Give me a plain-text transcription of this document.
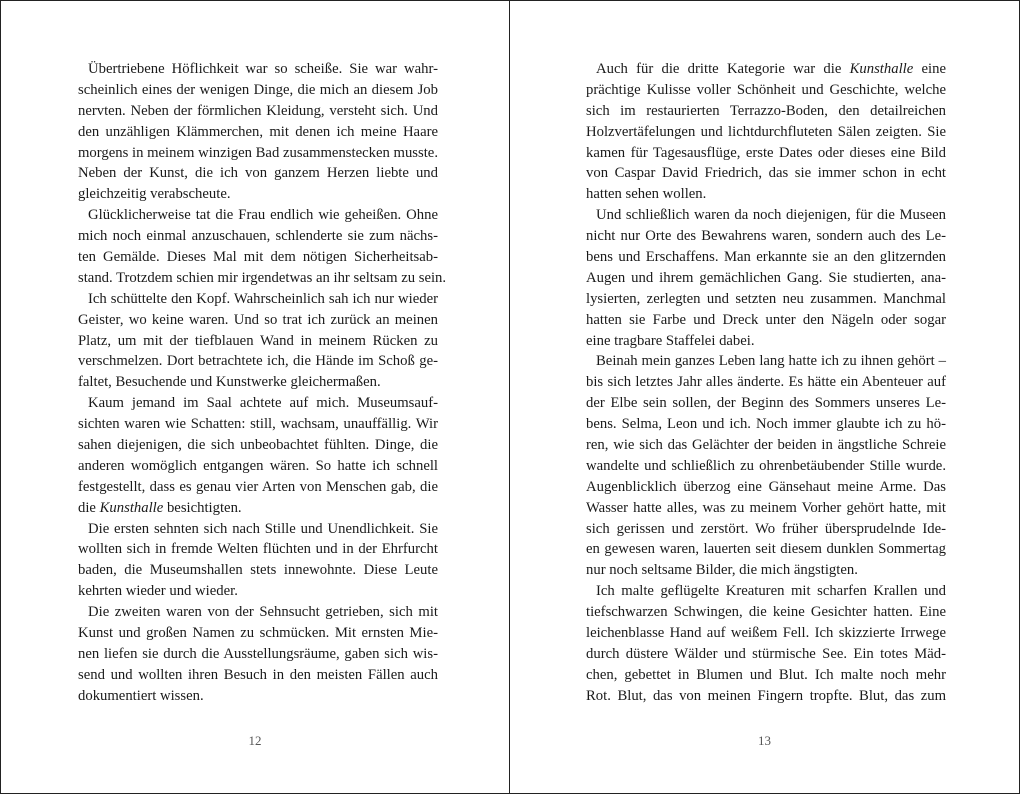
Übertriebene Höflichkeit war so scheiße. Sie war wahr-
scheinlich eines der wenigen Dinge, die mich an diesem Job
nervten. Neben der förmlichen Kleidung, versteht sich. Und
den unzähligen Klämmerchen, mit denen ich meine Haare
morgens in meinem winzigen Bad zusammenstecken musste.
Neben der Kunst, die ich von ganzem Herzen liebte und
gleichzeitig verabscheute.
Glücklicherweise tat die Frau endlich wie geheißen. Ohne
mich noch einmal anzuschauen, schlenderte sie zum nächs-
ten Gemälde. Dieses Mal mit dem nötigen Sicherheitsab-
stand. Trotzdem schien mir irgendetwas an ihr seltsam zu sein.
Ich schüttelte den Kopf. Wahrscheinlich sah ich nur wieder
Geister, wo keine waren. Und so trat ich zurück an meinen
Platz, um mit der tiefblauen Wand in meinem Rücken zu
verschmelzen. Dort betrachtete ich, die Hände im Schoß ge-
faltet, Besuchende und Kunstwerke gleichermaßen.
Kaum jemand im Saal achtete auf mich. Museumsauf-
sichten waren wie Schatten: still, wachsam, unauffällig. Wir
sahen diejenigen, die sich unbeobachtet fühlten. Dinge, die
anderen womöglich entgangen wären. So hatte ich schnell
festgestellt, dass es genau vier Arten von Menschen gab, die
die Kunsthalle besichtigten.
Die ersten sehnten sich nach Stille und Unendlichkeit. Sie
wollten sich in fremde Welten flüchten und in der Ehrfurcht
baden, die Museumshallen stets innewohnte. Diese Leute
kehrten wieder und wieder.
Die zweiten waren von der Sehnsucht getrieben, sich mit
Kunst und großen Namen zu schmücken. Mit ernsten Mie-
nen liefen sie durch die Ausstellungsräume, gaben sich wis-
send und wollten ihren Besuch in den meisten Fällen auch
dokumentiert wissen.
12
Auch für die dritte Kategorie war die Kunsthalle eine
prächtige Kulisse voller Schönheit und Geschichte, welche
sich im restaurierten Terrazzo-Boden, den detailreichen
Holzvertäfelungen und lichtdurchfluteten Sälen zeigten. Sie
kamen für Tagesausflüge, erste Dates oder dieses eine Bild
von Caspar David Friedrich, das sie immer schon in echt
hatten sehen wollen.
Und schließlich waren da noch diejenigen, für die Museen
nicht nur Orte des Bewahrens waren, sondern auch des Le-
bens und Erschaffens. Man erkannte sie an den glitzernden
Augen und ihrem gemächlichen Gang. Sie studierten, ana-
lysierten, zerlegten und setzten neu zusammen. Manchmal
hatten sie Farbe und Dreck unter den Nägeln oder sogar
eine tragbare Staffelei dabei.
Beinah mein ganzes Leben lang hatte ich zu ihnen gehört –
bis sich letztes Jahr alles änderte. Es hätte ein Abenteuer auf
der Elbe sein sollen, der Beginn des Sommers unseres Le-
bens. Selma, Leon und ich. Noch immer glaubte ich zu hö-
ren, wie sich das Gelächter der beiden in ängstliche Schreie
wandelte und schließlich zu ohrenbetäubender Stille wurde.
Augenblicklich überzog eine Gänsehaut meine Arme. Das
Wasser hatte alles, was zu meinem Vorher gehört hatte, mit
sich gerissen und zerstört. Wo früher übersprudelnde Ide-
en gewesen waren, lauerten seit diesem dunklen Sommertag
nur noch seltsame Bilder, die mich ängstigten.
Ich malte geflügelte Kreaturen mit scharfen Krallen und
tiefschwarzen Schwingen, die keine Gesichter hatten. Eine
leichenblasse Hand auf weißem Fell. Ich skizzierte Irrwege
durch düstere Wälder und stürmische See. Ein totes Mäd-
chen, gebettet in Blumen und Blut. Ich malte noch mehr
Rot. Blut, das von meinen Fingern tropfte. Blut, das zum
13
